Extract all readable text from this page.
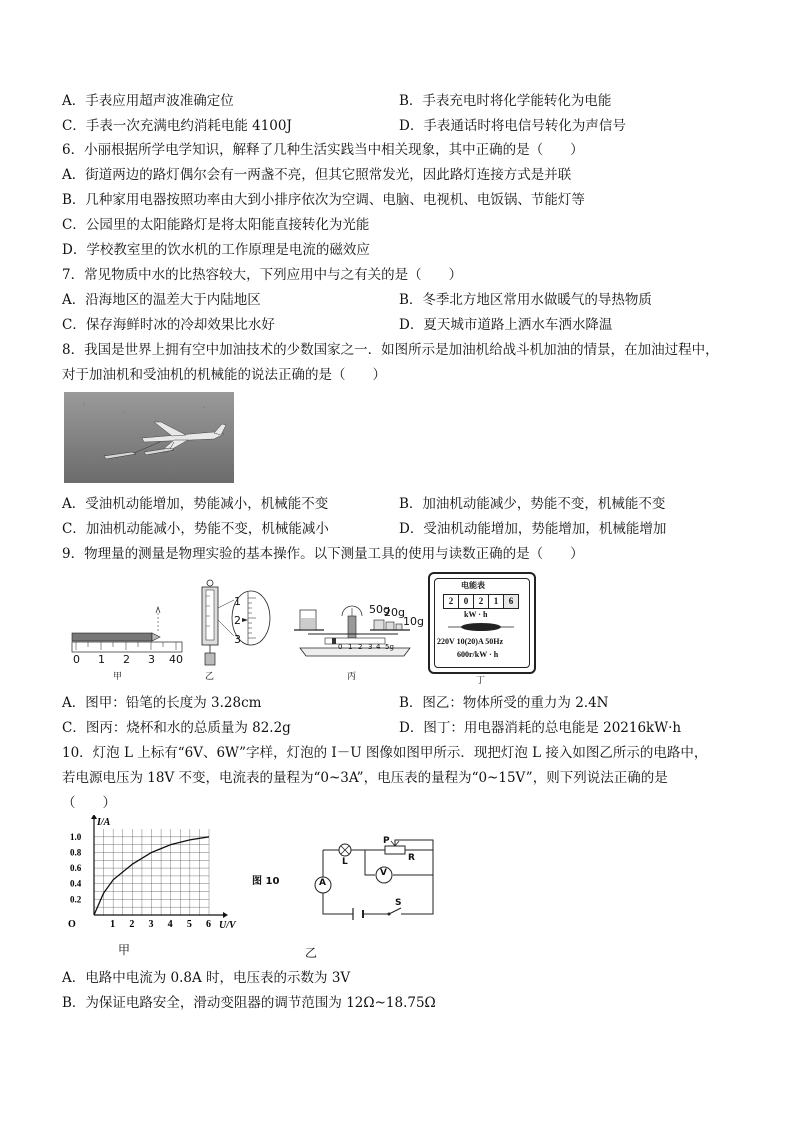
A．手表应用超声波准确定位	B．手表充电时将化学能转化为电能
C．手表一次充满电约消耗电能 4100J	D．手表通话时将电信号转化为声信号
6．小丽根据所学电学知识，解释了几种生活实践当中相关现象，其中正确的是（　　）
A．街道两边的路灯偶尔会有一两盏不亮，但其它照常发光，因此路灯连接方式是并联
B．几种家用电器按照功率由大到小排序依次为空调、电脑、电视机、电饭锅、节能灯等
C．公园里的太阳能路灯是将太阳能直接转化为光能
D．学校教室里的饮水机的工作原理是电流的磁效应
7．常见物质中水的比热容较大，下列应用中与之有关的是（　　）
A．沿海地区的温差大于内陆地区	B．冬季北方地区常用水做暖气的导热物质
C．保存海鲜时冰的冷却效果比水好	D．夏天城市道路上洒水车洒水降温
8．我国是世界上拥有空中加油技术的少数国家之一．如图所示是加油机给战斗机加油的情景，在加油过程中，
对于加油机和受油机的机械能的说法正确的是（　　）
A．受油机动能增加，势能减小，机械能不变	B．加油机动能减少，势能不变，机械能不变
C．加油机动能减小，势能不变，机械能减小	D．受油机动能增加，势能增加，机械能增加
9．物理量的测量是物理实验的基本操作。以下测量工具的使用与读数正确的是（　　）
0 1 2 3 40
甲
1
2
3
乙
50g
20g
10g
0 1 2 3 4 5g
丙
电能表
2	0	2	1	6
kW · h
220V 10(20)A 50Hz
600r/kW · h
丁
A．图甲：铅笔的长度为 3.28cm	B．图乙：物体所受的重力为 2.4N
C．图丙：烧杯和水的总质量为 82.2g	D．图丁：用电器消耗的总电能是 20216kW·h
10．灯泡 L 上标有“6V、6W”字样，灯泡的 I－U 图像如图甲所示．现把灯泡 L 接入如图乙所示的电路中，
若电源电压为 18V 不变，电流表的量程为“0~3A”，电压表的量程为“0~15V”，则下列说法正确的是
（　　）
1 2 3 4 5 6
0.2
0.4
0.6
0.8
1.0
O	U/V
I/A
甲
图 10
L
P
R
A
V
S
乙
A．电路中电流为 0.8A 时，电压表的示数为 3V
B．为保证电路安全，滑动变阻器的调节范围为 12Ω~18.75Ω
